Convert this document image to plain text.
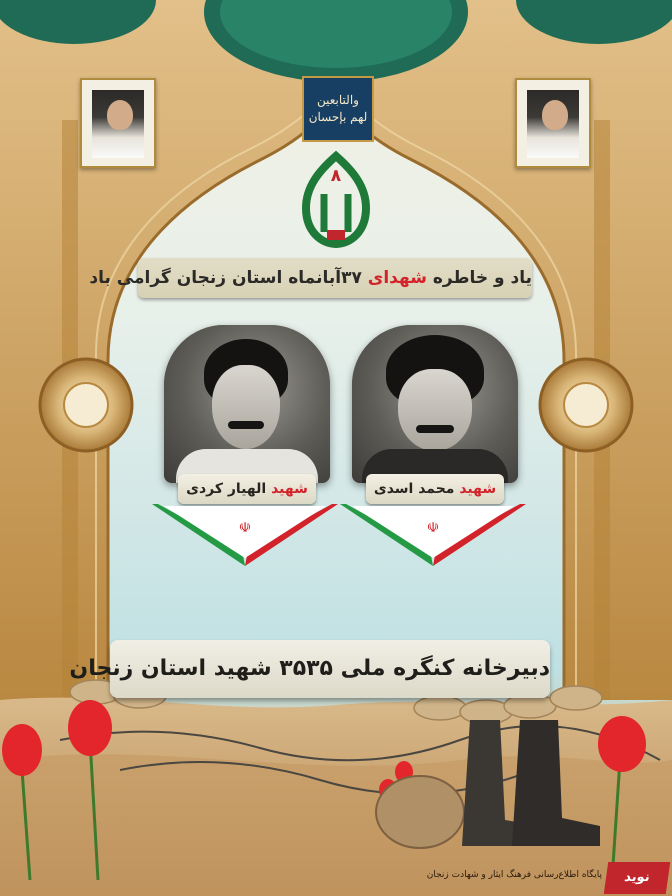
والتابعين
لهم بإحسان
۸
یاد و خاطره شهدای ۳۷آبانماه استان زنجان گرامی باد
شهید الهیار کردی	شهید محمد اسدی
☫	☫
دبیرخانه کنگره ملی ۳۵۳۵ شهید استان زنجان
نوید
پایگاه اطلاع‌رسانی فرهنگ ایثار و شهادت زنجان
